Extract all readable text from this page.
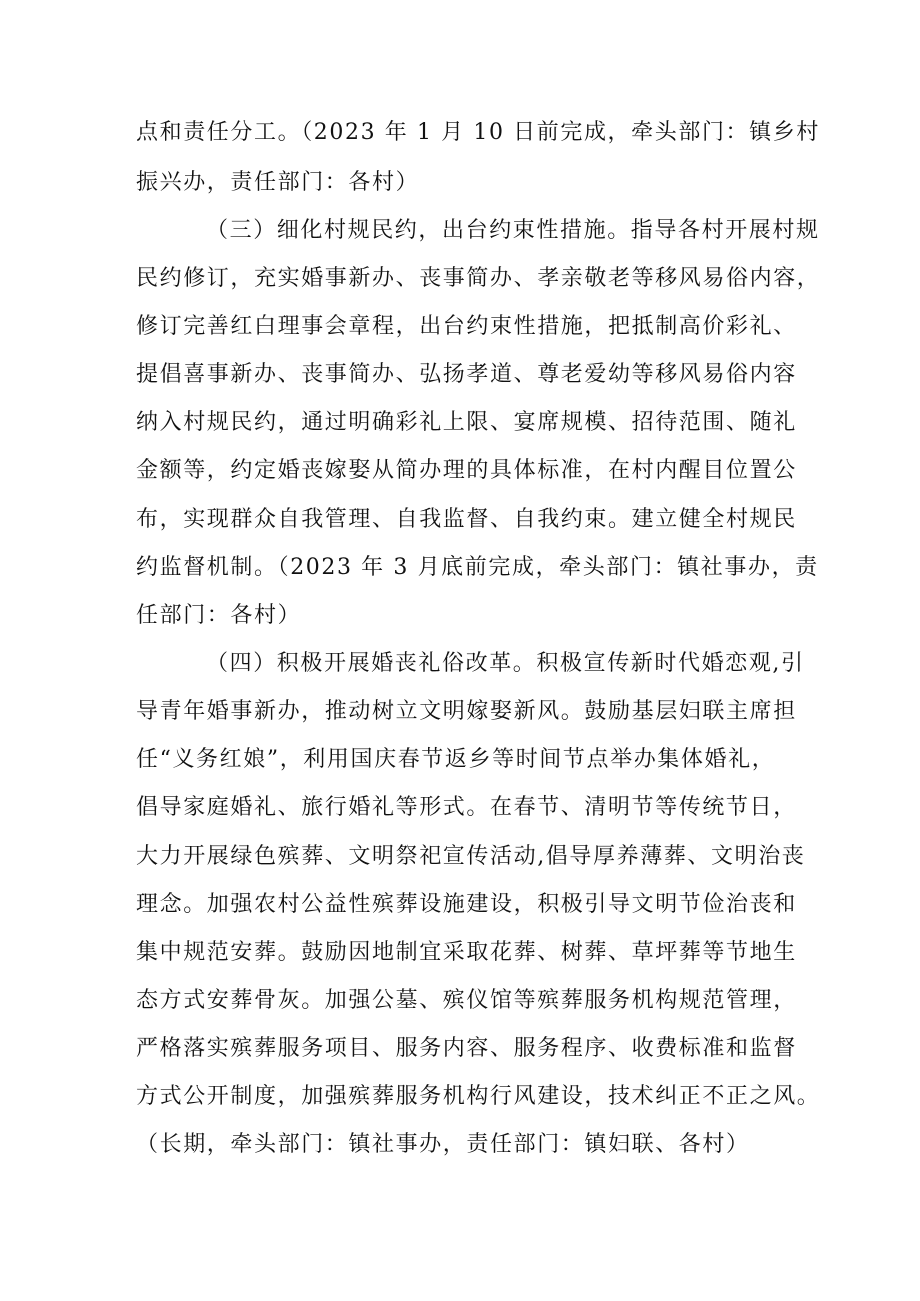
点和责任分工。（2023 年 1 月 10 日前完成，牵头部门：镇乡村
振兴办，责任部门：各村）
（三）细化村规民约，出台约束性措施。指导各村开展村规
民约修订，充实婚事新办、丧事简办、孝亲敬老等移风易俗内容，
修订完善红白理事会章程，出台约束性措施，把抵制高价彩礼、
提倡喜事新办、丧事简办、弘扬孝道、尊老爱幼等移风易俗内容
纳入村规民约，通过明确彩礼上限、宴席规模、招待范围、随礼
金额等，约定婚丧嫁娶从简办理的具体标准，在村内醒目位置公
布，实现群众自我管理、自我监督、自我约束。建立健全村规民
约监督机制。（2023 年 3 月底前完成，牵头部门：镇社事办，责
任部门：各村）
（四）积极开展婚丧礼俗改革。积极宣传新时代婚恋观,引
导青年婚事新办，推动树立文明嫁娶新风。鼓励基层妇联主席担
任“义务红娘”，利用国庆春节返乡等时间节点举办集体婚礼，
倡导家庭婚礼、旅行婚礼等形式。在春节、清明节等传统节日，
大力开展绿色殡葬、文明祭祀宣传活动,倡导厚养薄葬、文明治丧
理念。加强农村公益性殡葬设施建设，积极引导文明节俭治丧和
集中规范安葬。鼓励因地制宜采取花葬、树葬、草坪葬等节地生
态方式安葬骨灰。加强公墓、殡仪馆等殡葬服务机构规范管理，
严格落实殡葬服务项目、服务内容、服务程序、收费标准和监督
方式公开制度，加强殡葬服务机构行风建设，技术纠正不正之风。
（长期，牵头部门：镇社事办，责任部门：镇妇联、各村）
